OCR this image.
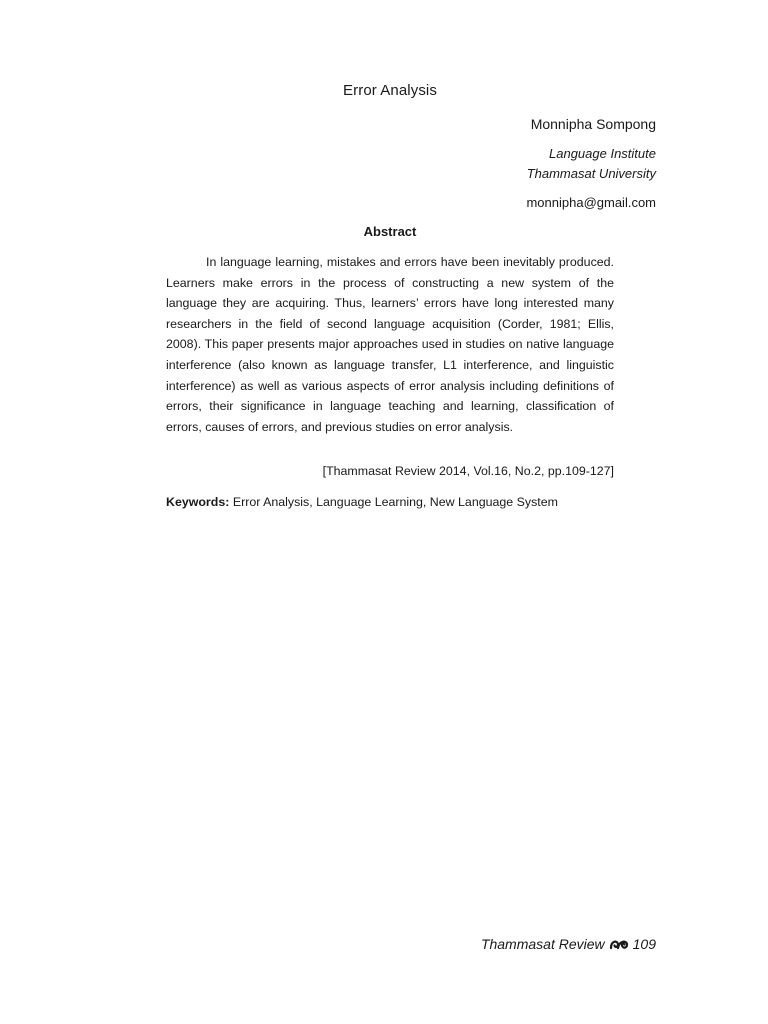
Error Analysis
Monnipha Sompong
Language Institute
Thammasat University
monnipha@gmail.com
Abstract

In language learning, mistakes and errors have been inevitably produced. Learners make errors in the process of constructing a new system of the language they are acquiring. Thus, learners’ errors have long interested many researchers in the field of second language acquisition (Corder, 1981; Ellis, 2008). This paper presents major approaches used in studies on native language interference (also known as language transfer, L1 interference, and linguistic interference) as well as various aspects of error analysis including definitions of errors, their significance in language teaching and learning, classification of errors, causes of errors, and previous studies on error analysis.

[Thammasat Review 2014, Vol.16, No.2, pp.109-127]
Keywords: Error Analysis, Language Learning, New Language System
Thammasat Review 109
